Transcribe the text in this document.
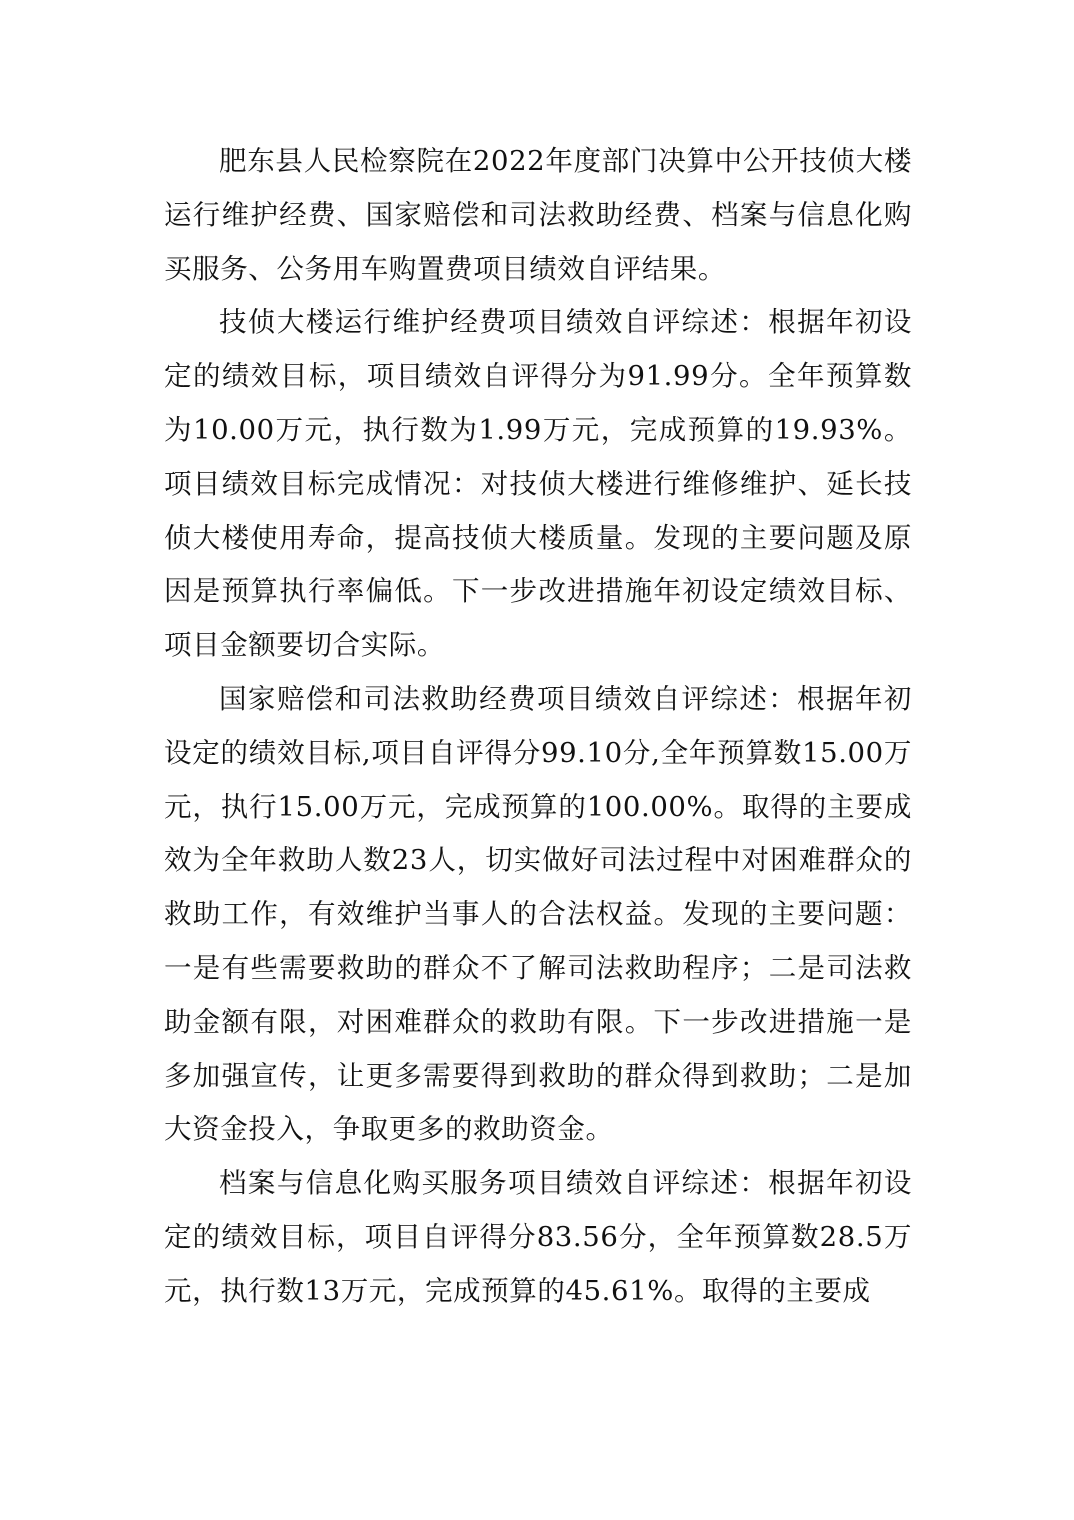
肥东县人民检察院在2022年度部门决算中公开技侦大楼运行维护经费、国家赔偿和司法救助经费、档案与信息化购买服务、公务用车购置费项目绩效自评结果。

技侦大楼运行维护经费项目绩效自评综述：根据年初设定的绩效目标，项目绩效自评得分为91.99分。全年预算数为10.00万元，执行数为1.99万元，完成预算的19.93%。项目绩效目标完成情况：对技侦大楼进行维修维护、延长技侦大楼使用寿命，提高技侦大楼质量。发现的主要问题及原因是预算执行率偏低。下一步改进措施年初设定绩效目标、项目金额要切合实际。

国家赔偿和司法救助经费项目绩效自评综述：根据年初设定的绩效目标,项目自评得分99.10分,全年预算数15.00万元，执行15.00万元，完成预算的100.00%。取得的主要成效为全年救助人数23人，切实做好司法过程中对困难群众的救助工作，有效维护当事人的合法权益。发现的主要问题：一是有些需要救助的群众不了解司法救助程序；二是司法救助金额有限，对困难群众的救助有限。下一步改进措施一是多加强宣传，让更多需要得到救助的群众得到救助；二是加大资金投入，争取更多的救助资金。

档案与信息化购买服务项目绩效自评综述：根据年初设定的绩效目标，项目自评得分83.56分，全年预算数28.5万元，执行数13万元，完成预算的45.61%。取得的主要成
